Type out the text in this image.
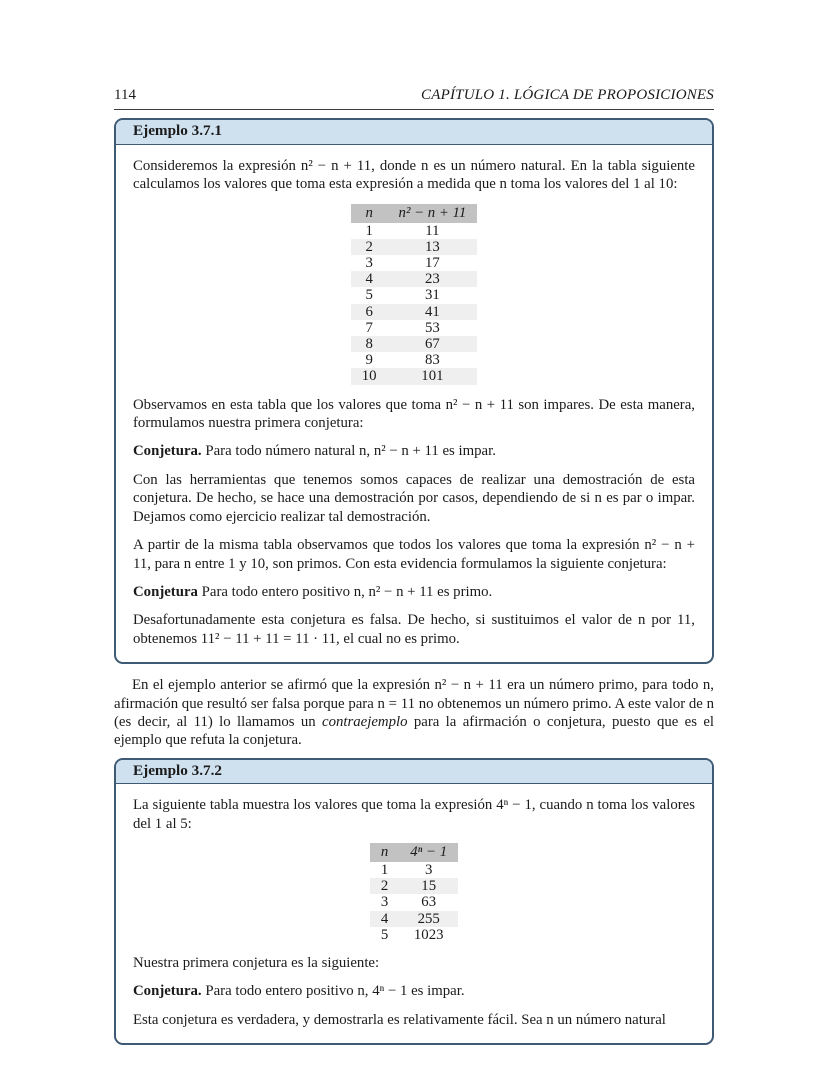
114	CAPÍTULO 1. LÓGICA DE PROPOSICIONES
Ejemplo 3.7.1

Consideremos la expresión n² − n + 11, donde n es un número natural. En la tabla siguiente calculamos los valores que toma esta expresión a medida que n toma los valores del 1 al 10:

n	n² − n + 11
1	11
2	13
3	17
4	23
5	31
6	41
7	53
8	67
9	83
10	101

Observamos en esta tabla que los valores que toma n² − n + 11 son impares. De esta manera, formulamos nuestra primera conjetura:

Conjetura. Para todo número natural n, n² − n + 11 es impar.

Con las herramientas que tenemos somos capaces de realizar una demostración de esta conjetura. De hecho, se hace una demostración por casos, dependiendo de si n es par o impar. Dejamos como ejercicio realizar tal demostración.

A partir de la misma tabla observamos que todos los valores que toma la expresión n² − n + 11, para n entre 1 y 10, son primos. Con esta evidencia formulamos la siguiente conjetura:

Conjetura Para todo entero positivo n, n² − n + 11 es primo.

Desafortunadamente esta conjetura es falsa. De hecho, si sustituimos el valor de n por 11, obtenemos 11² − 11 + 11 = 11 · 11, el cual no es primo.

En el ejemplo anterior se afirmó que la expresión n² − n + 11 era un número primo, para todo n, afirmación que resultó ser falsa porque para n = 11 no obtenemos un número primo. A este valor de n (es decir, al 11) lo llamamos un contraejemplo para la afirmación o conjetura, puesto que es el ejemplo que refuta la conjetura.

Ejemplo 3.7.2

La siguiente tabla muestra los valores que toma la expresión 4ⁿ − 1, cuando n toma los valores del 1 al 5:

n	4ⁿ − 1
1	3
2	15
3	63
4	255
5	1023

Nuestra primera conjetura es la siguiente:

Conjetura. Para todo entero positivo n, 4ⁿ − 1 es impar.

Esta conjetura es verdadera, y demostrarla es relativamente fácil. Sea n un número natural
